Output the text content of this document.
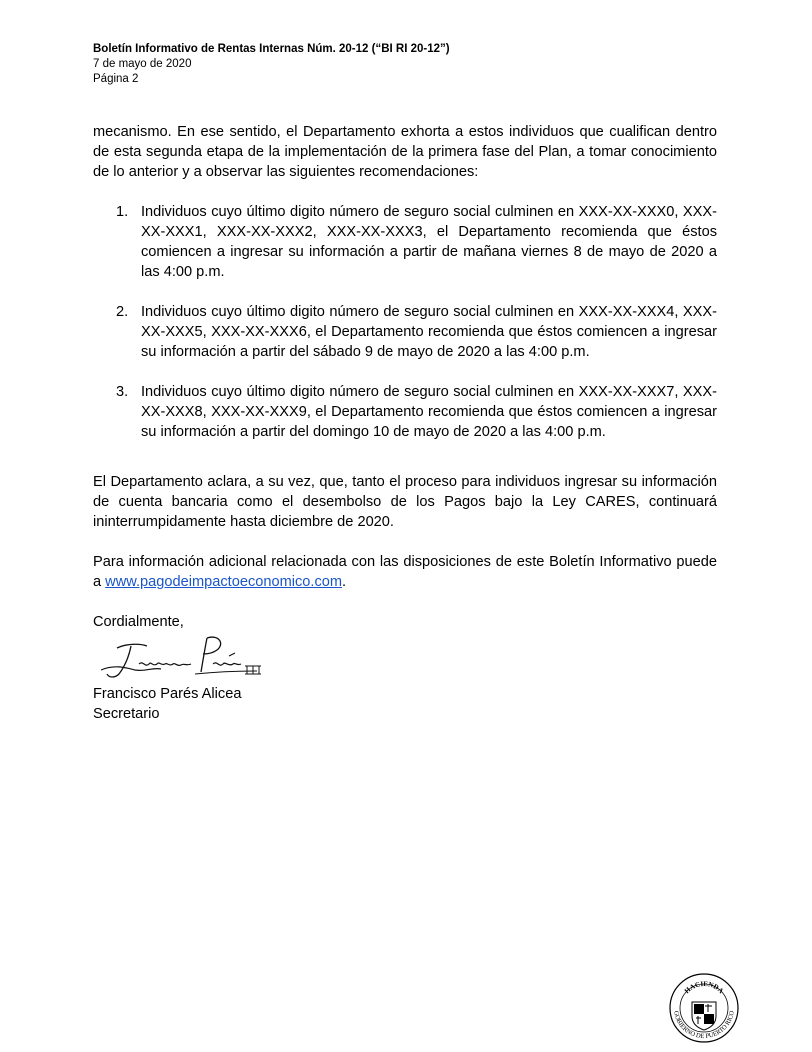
Boletín Informativo de Rentas Internas Núm. 20-12 (“BI RI 20-12”)
7 de mayo de 2020
Página 2

mecanismo. En ese sentido, el Departamento exhorta a estos individuos que cualifican dentro de esta segunda etapa de la implementación de la primera fase del Plan, a tomar conocimiento de lo anterior y a observar las siguientes recomendaciones:

1. Individuos cuyo último digito número de seguro social culminen en XXX-XX-XXX0, XXX-XX-XXX1, XXX-XX-XXX2, XXX-XX-XXX3, el Departamento recomienda que éstos comiencen a ingresar su información a partir de mañana viernes 8 de mayo de 2020 a las 4:00 p.m.
2. Individuos cuyo último digito número de seguro social culminen en XXX-XX-XXX4, XXX-XX-XXX5, XXX-XX-XXX6, el Departamento recomienda que éstos comiencen a ingresar su información a partir del sábado 9 de mayo de 2020 a las 4:00 p.m.
3. Individuos cuyo último digito número de seguro social culminen en XXX-XX-XXX7, XXX-XX-XXX8, XXX-XX-XXX9, el Departamento recomienda que éstos comiencen a ingresar su información a partir del domingo 10 de mayo de 2020 a las 4:00 p.m.

El Departamento aclara, a su vez, que, tanto el proceso para individuos ingresar su información de cuenta bancaria como el desembolso de los Pagos bajo la Ley CARES, continuará ininterrumpidamente hasta diciembre de 2020.

Para información adicional relacionada con las disposiciones de este Boletín Informativo puede a www.pagodeimpactoeconomico.com.

Cordialmente,

Francisco Parés Alicea

Secretario

HACIENDA
GOBIERNO DE PUERTO RICO
